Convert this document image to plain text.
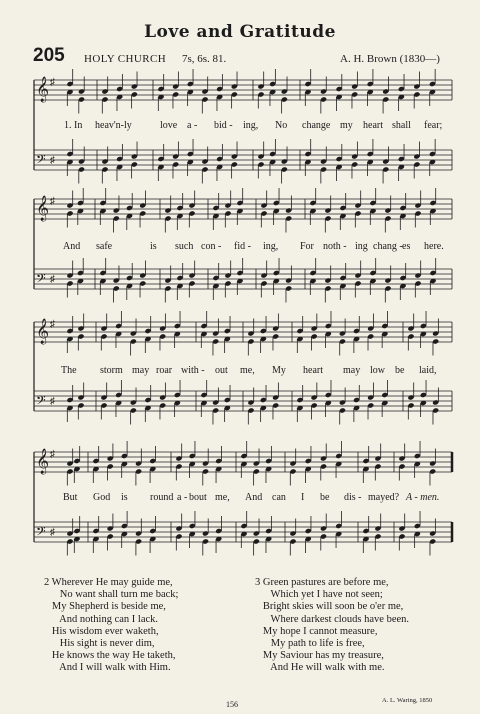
Love and Gratitude
205 HOLY CHURCH 7s, 6s. 81.	A. H. Brown (1830—)
𝄞 ♯
𝄢 ♯
𝄞 ♯
𝄢 ♯
𝄞 ♯
𝄢 ♯
𝄞 ♯
𝄢 ♯
1. In heav'n-ly	love a - bid - ing, No change my heart shall fear;
And safe	is such con - fid - ing, For noth - ing chang - es here.
The storm may roar with - out me, My heart may low be laid,
But God is round a - bout me, And can I be dis - mayed? A - men.
2 Wherever He may guide me,
No want shall turn me back;
My Shepherd is beside me,
And nothing can I lack.
His wisdom ever waketh,
His sight is never dim,
He knows the way He taketh,
And I will walk with Him.
3 Green pastures are before me,
Which yet I have not seen;
Bright skies will soon be o'er me,
Where darkest clouds have been.
My hope I cannot measure,
My path to life is free,
My Saviour has my treasure,
And He will walk with me.
156	A. L. Waring, 1850
